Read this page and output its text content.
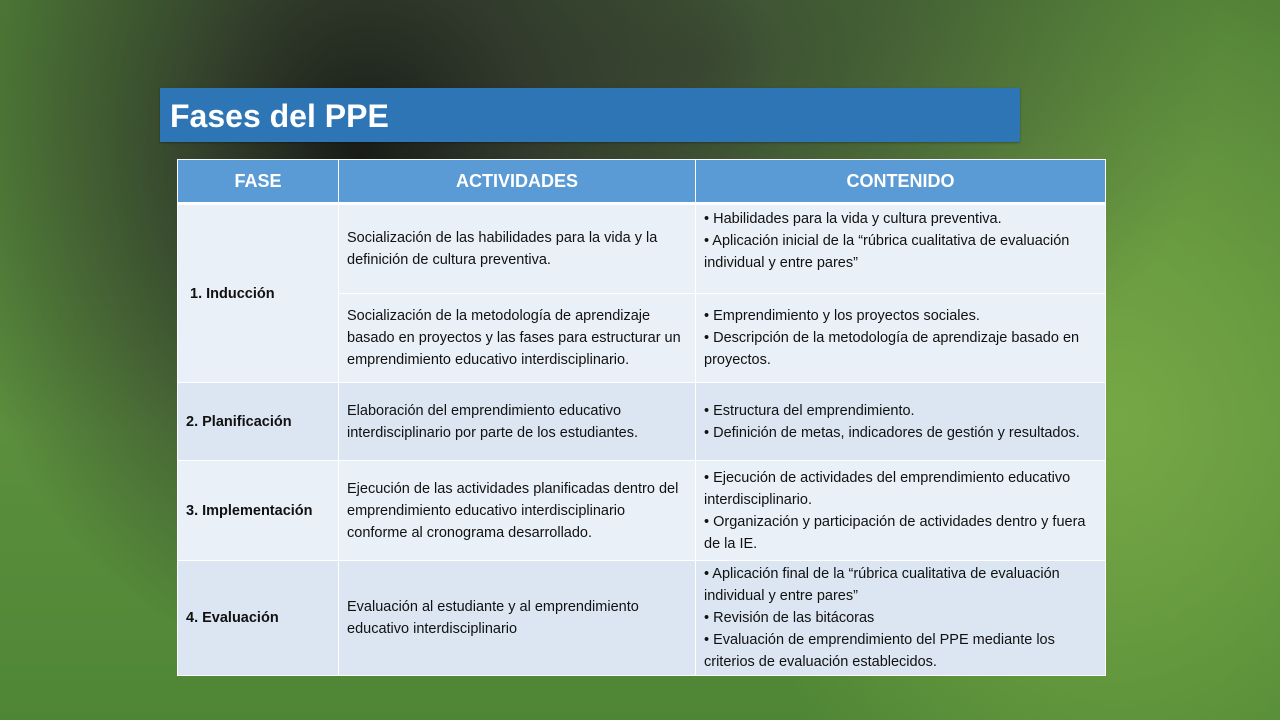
Fases del PPE
FASE	ACTIVIDADES	CONTENIDO
1. Inducción	Socialización de las habilidades para la vida y la definición de cultura preventiva.	• Habilidades para la vida y cultura preventiva.
• Aplicación inicial de la “rúbrica cualitativa de evaluación individual y entre pares”

	Socialización de la metodología de aprendizaje basado en proyectos y las fases para estructurar un emprendimiento educativo interdisciplinario.	• Emprendimiento y los proyectos sociales.
• Descripción de la metodología de aprendizaje basado en proyectos.

2. Planificación	Elaboración del emprendimiento educativo interdisciplinario por parte de los estudiantes.	• Estructura del emprendimiento.
• Definición de metas, indicadores de gestión y resultados.

3. Implementación	Ejecución de las actividades planificadas dentro del emprendimiento educativo interdisciplinario conforme al cronograma desarrollado.	• Ejecución de actividades del emprendimiento educativo interdisciplinario.
• Organización y participación de actividades dentro y fuera de la IE.

4. Evaluación	Evaluación al estudiante y al emprendimiento educativo interdisciplinario	• Aplicación final de la “rúbrica cualitativa de evaluación individual y entre pares”
• Revisión de las bitácoras
• Evaluación de emprendimiento del PPE mediante los criterios de evaluación establecidos.
